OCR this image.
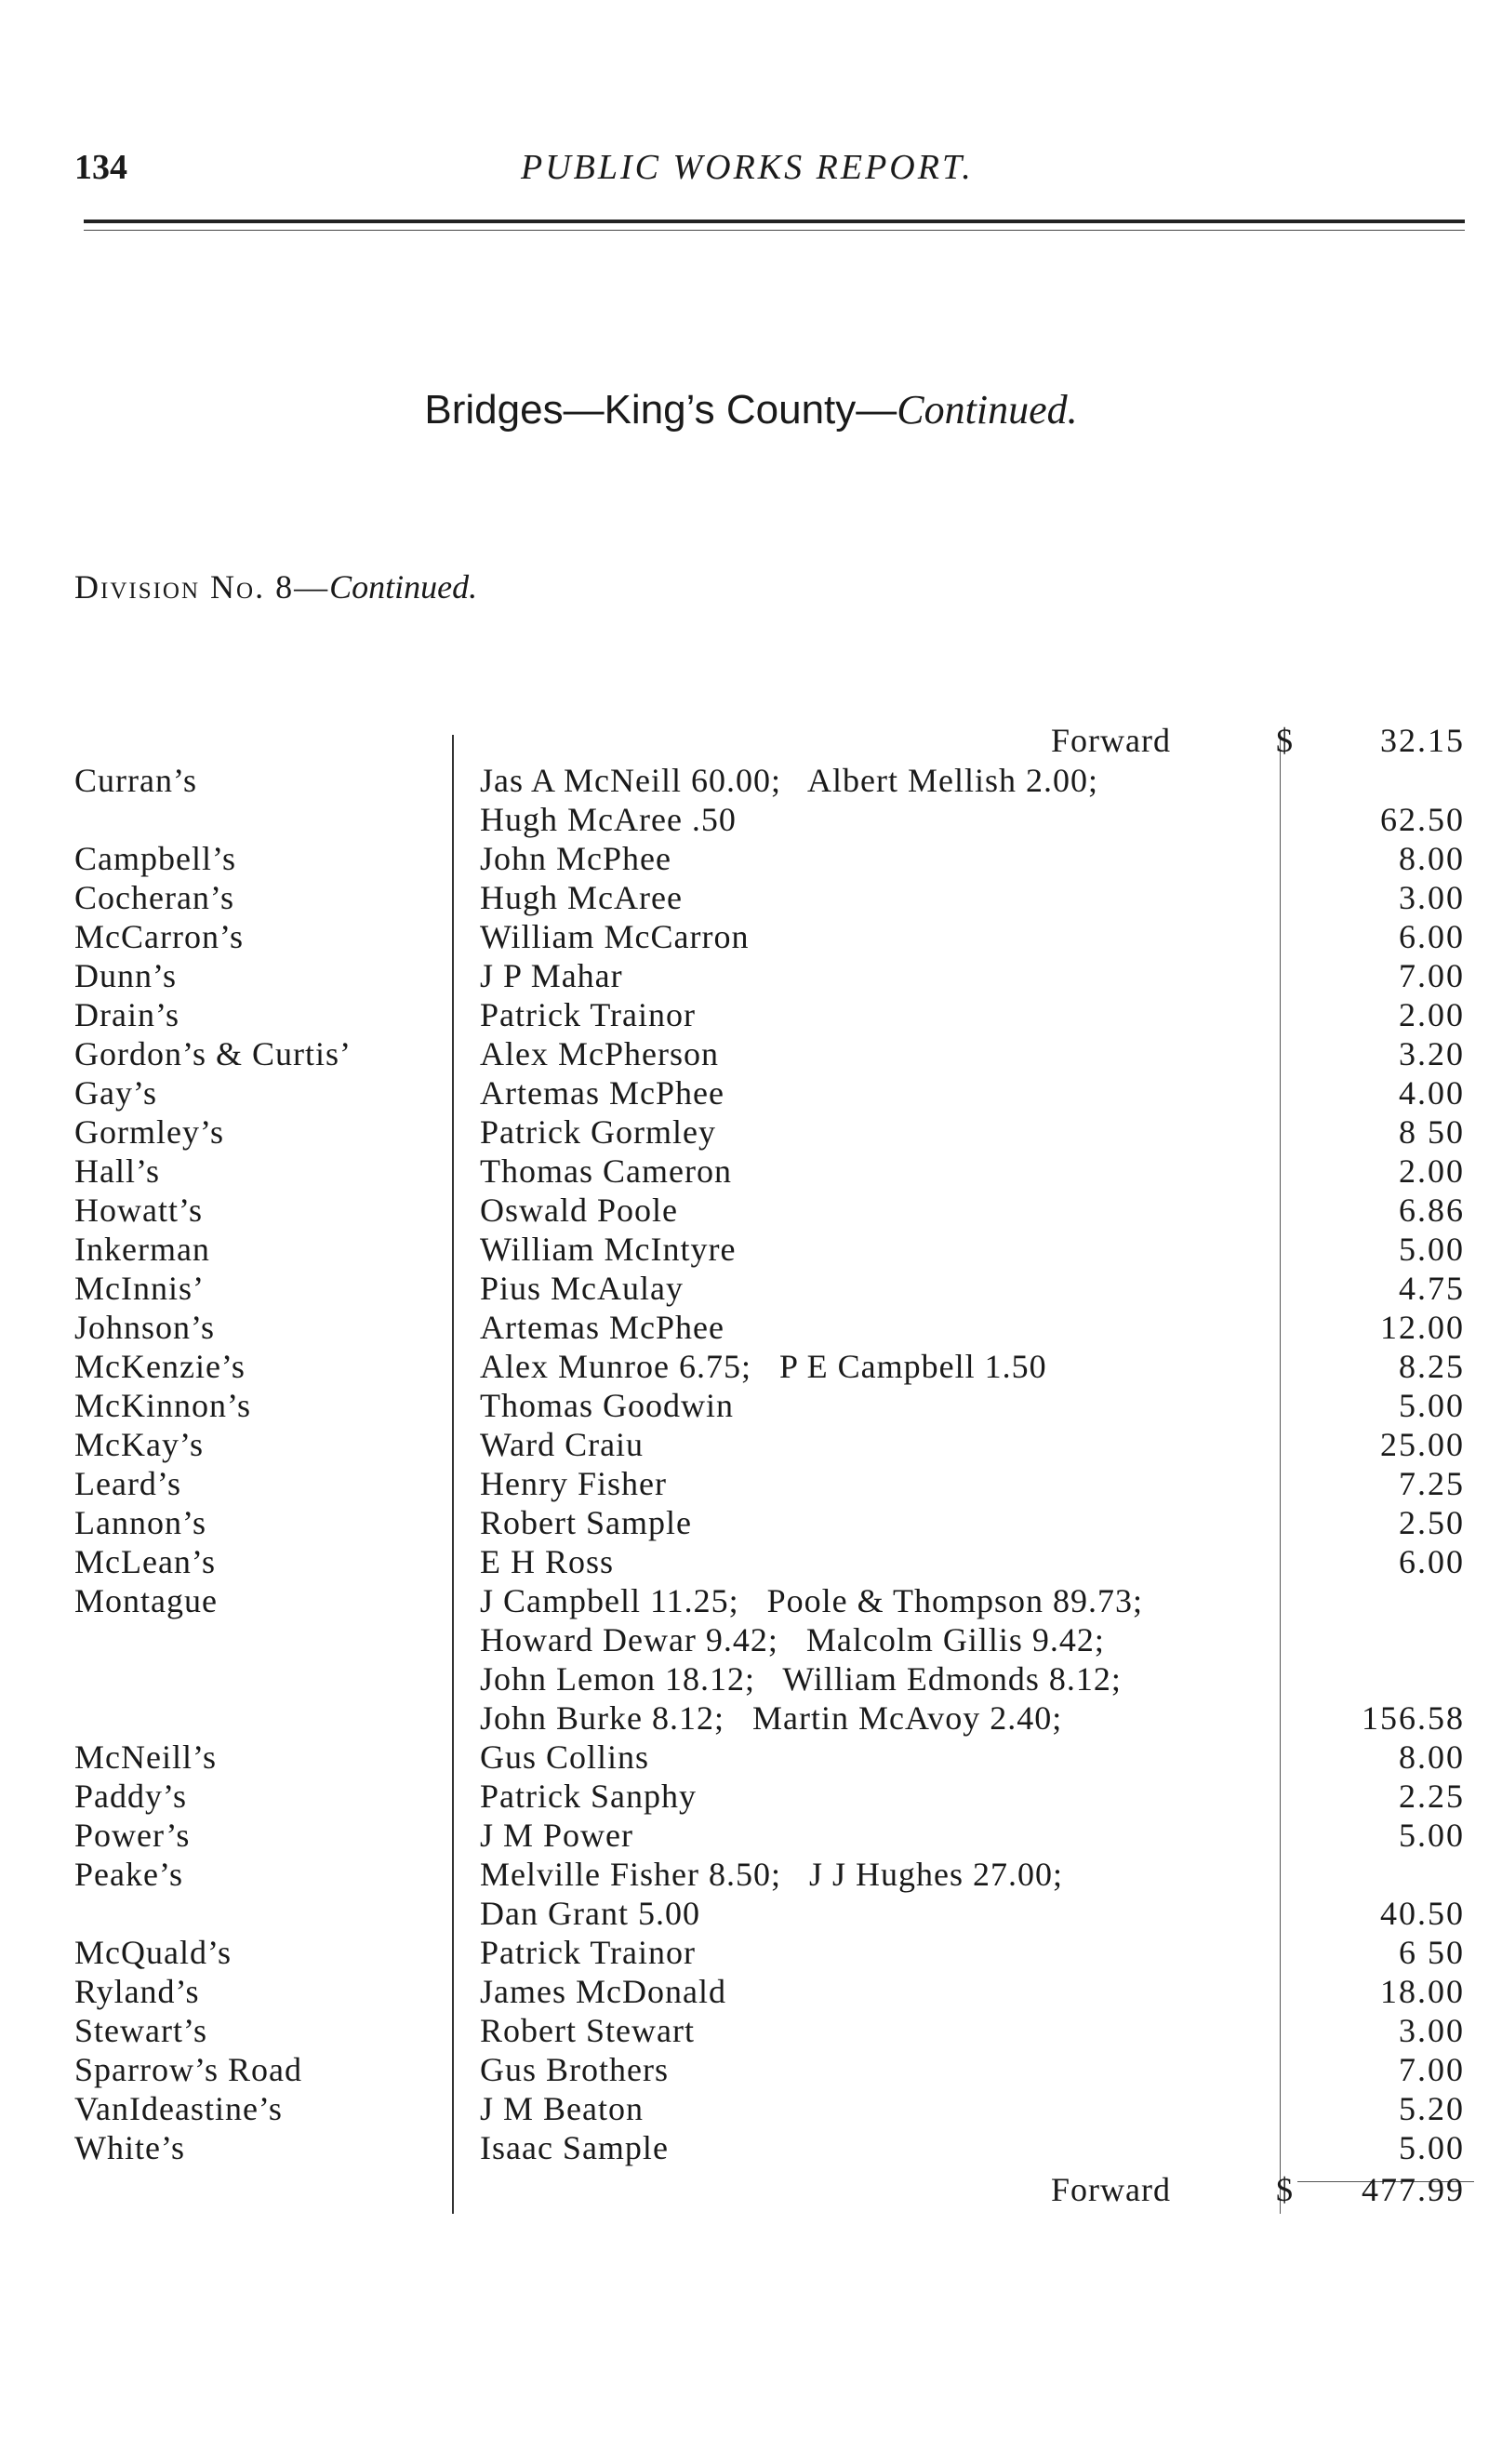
134	PUBLIC WORKS REPORT.
Bridges—King’s County—Continued.
Division No. 8—Continued.
Forward	$	32.15
Curran’s	Jas A McNeill 60.00;   Albert Mellish 2.00;
Hugh McAree .50	62.50
Campbell’s	John McPhee	8.00
Cocheran’s	Hugh McAree	3.00
McCarron’s	William McCarron	6.00
Dunn’s	J P Mahar	7.00
Drain’s	Patrick Trainor	2.00
Gordon’s & Curtis’	Alex McPherson	3.20
Gay’s	Artemas McPhee	4.00
Gormley’s	Patrick Gormley	8 50
Hall’s	Thomas Cameron	2.00
Howatt’s	Oswald Poole	6.86
Inkerman	William McIntyre	5.00
McInnis’	Pius McAulay	4.75
Johnson’s	Artemas McPhee	12.00
McKenzie’s	Alex Munroe 6.75;   P E Campbell 1.50	8.25
McKinnon’s	Thomas Goodwin	5.00
McKay’s	Ward Craiu	25.00
Leard’s	Henry Fisher	7.25
Lannon’s	Robert Sample	2.50
McLean’s	E H Ross	6.00
Montague	J Campbell 11.25;   Poole & Thompson 89.73;
Howard Dewar 9.42;   Malcolm Gillis 9.42;
John Lemon 18.12;   William Edmonds 8.12;
John Burke 8.12;   Martin McAvoy 2.40;	156.58
McNeill’s	Gus Collins	8.00
Paddy’s	Patrick Sanphy	2.25
Power’s	J M Power	5.00
Peake’s	Melville Fisher 8.50;   J J Hughes 27.00;
Dan Grant 5.00	40.50
McQuald’s	Patrick Trainor	6 50
Ryland’s	James McDonald	18.00
Stewart’s	Robert Stewart	3.00
Sparrow’s Road	Gus Brothers	7.00
VanIdeastine’s	J M Beaton	5.20
White’s	Isaac Sample	5.00
Forward	$	477.99
